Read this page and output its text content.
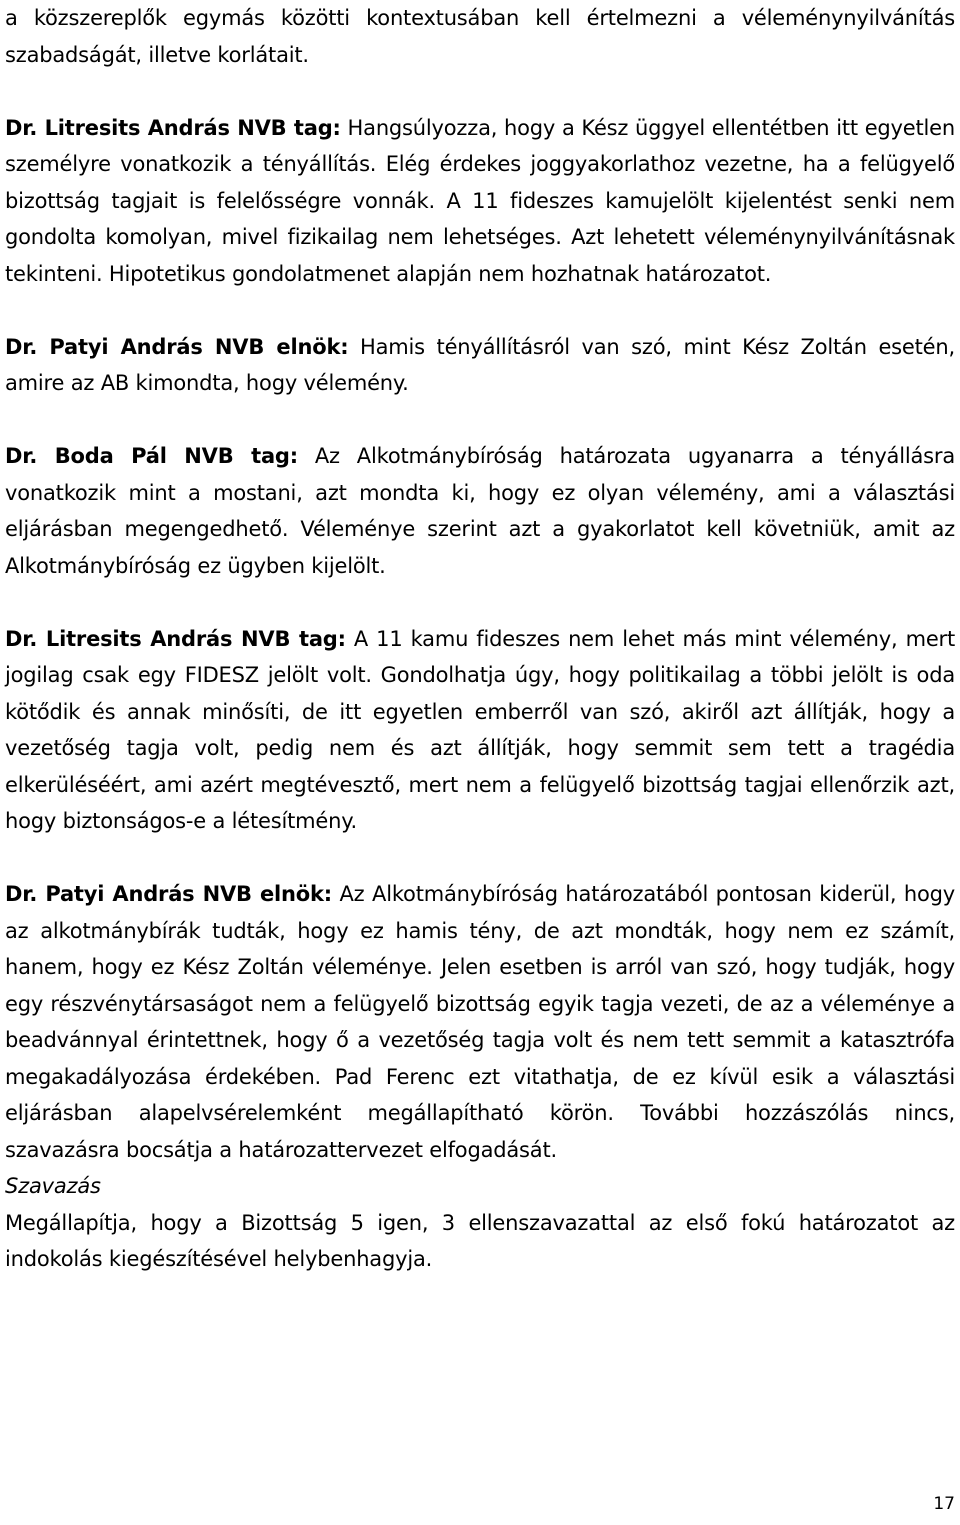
a közszereplők egymás közötti kontextusában kell értelmezni a véleménynyilvánítás szabadságát, illetve korlátait.

Dr. Litresits András NVB tag: Hangsúlyozza, hogy a Kész üggyel ellentétben itt egyetlen személyre vonatkozik a tényállítás. Elég érdekes joggyakorlathoz vezetne, ha a felügyelő bizottság tagjait is felelősségre vonnák. A 11 fideszes kamujelölt kijelentést senki nem gondolta komolyan, mivel fizikailag nem lehetséges. Azt lehetett véleménynyilvánításnak tekinteni. Hipotetikus gondolatmenet alapján nem hozhatnak határozatot.

Dr. Patyi András NVB elnök: Hamis tényállításról van szó, mint Kész Zoltán esetén, amire az AB kimondta, hogy vélemény.

Dr. Boda Pál NVB tag: Az Alkotmánybíróság határozata ugyanarra a tényállásra vonatkozik mint a mostani, azt mondta ki, hogy ez olyan vélemény, ami a választási eljárásban megengedhető. Véleménye szerint azt a gyakorlatot kell követniük, amit az Alkotmánybíróság ez ügyben kijelölt.

Dr. Litresits András NVB tag: A 11 kamu fideszes nem lehet más mint vélemény, mert jogilag csak egy FIDESZ jelölt volt. Gondolhatja úgy, hogy politikailag a többi jelölt is oda kötődik és annak minősíti, de itt egyetlen emberről van szó, akiről azt állítják, hogy a vezetőség tagja volt, pedig nem és azt állítják, hogy semmit sem tett a tragédia elkerüléséért, ami azért megtévesztő, mert nem a felügyelő bizottság tagjai ellenőrzik azt, hogy biztonságos-e a létesítmény.

Dr. Patyi András NVB elnök: Az Alkotmánybíróság határozatából pontosan kiderül, hogy az alkotmánybírák tudták, hogy ez hamis tény, de azt mondták, hogy nem ez számít, hanem, hogy ez Kész Zoltán véleménye. Jelen esetben is arról van szó, hogy tudják, hogy egy részvénytársaságot nem a felügyelő bizottság egyik tagja vezeti, de az a véleménye a beadvánnyal érintettnek, hogy ő a vezetőség tagja volt és nem tett semmit a katasztrófa megakadályozása érdekében. Pad Ferenc ezt vitathatja, de ez kívül esik a választási eljárásban alapelvsérelemként megállapítható körön. További hozzászólás nincs, szavazásra bocsátja a határozattervezet elfogadását.

Szavazás

Megállapítja, hogy a Bizottság 5 igen, 3 ellenszavazattal az első fokú határozatot az indokolás kiegészítésével helybenhagyja.

17
